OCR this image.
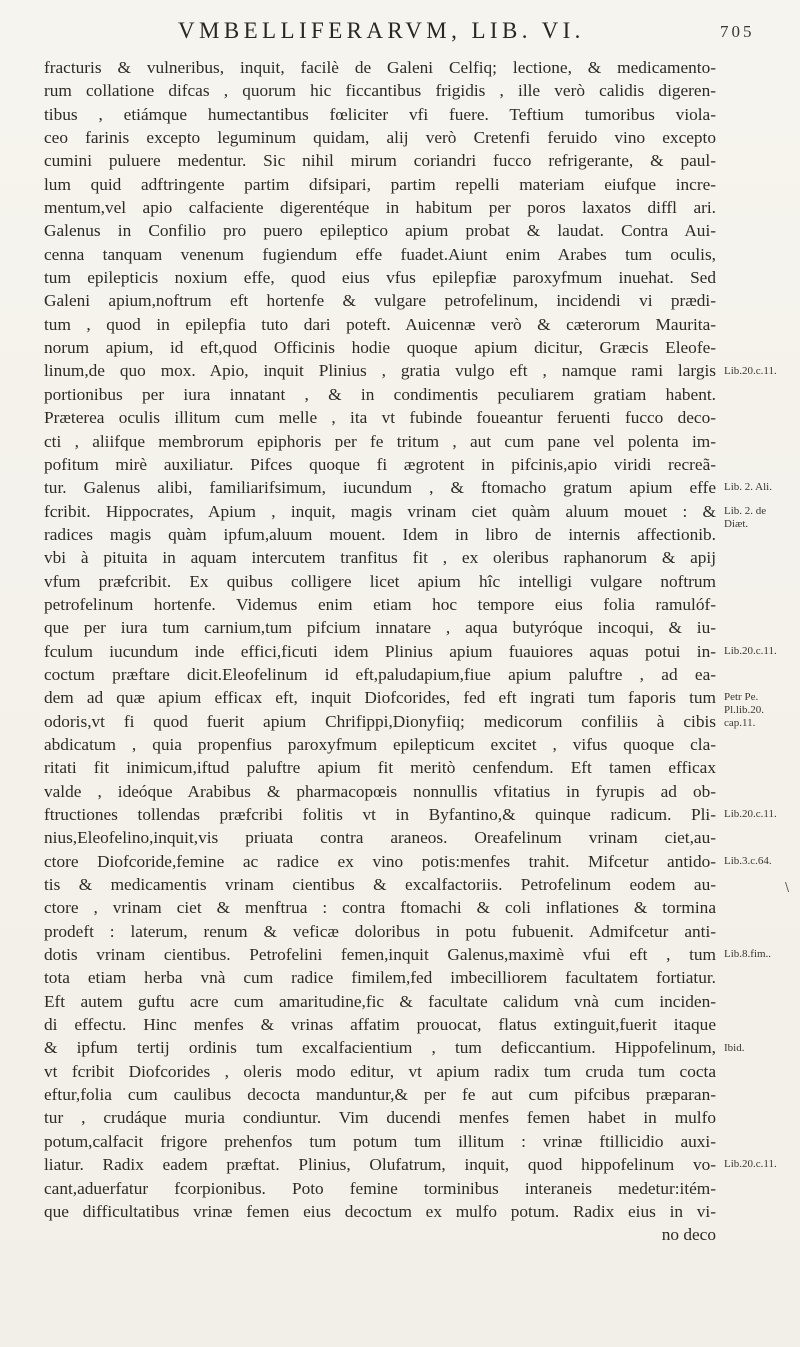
VMBELLIFERARVM, LIB. VI.	705
fracturis & vulneribus, inquit, facilè de Galeni Celfiq; lectione, & medicamento-
rum collatione difcas , quorum hic ficcantibus frigidis , ille verò calidis digeren-
tibus , etiámque humectantibus fœliciter vfi fuere. Teftium tumoribus viola-
ceo farinis excepto leguminum quidam, alij verò Cretenfi feruido vino excepto
cumini puluere medentur. Sic nihil mirum coriandri fucco refrigerante, & paul-
lum quid adftringente partim difsipari, partim repelli materiam eiufque incre-
mentum,vel apio calfaciente digerentéque in habitum per poros laxatos diffl ari.
Galenus in Confilio pro puero epileptico apium probat & laudat. Contra Aui-
cenna tanquam venenum fugiendum effe fuadet.Aiunt enim Arabes tum oculis,
tum epilepticis noxium effe, quod eius vfus epilepfiæ paroxyfmum inuehat. Sed
Galeni apium,noftrum eft hortenfe & vulgare petrofelinum, incidendi vi prædi-
tum , quod in epilepfia tuto dari poteft. Auicennæ verò & cæterorum Maurita-
norum apium, id eft,quod Officinis hodie quoque apium dicitur, Græcis Eleofe-
linum,de quo mox. Apio, inquit Plinius , gratia vulgo eft , namque rami largis
portionibus per iura innatant , & in condimentis peculiarem gratiam habent.
Præterea oculis illitum cum melle , ita vt fubinde foueantur feruenti fucco deco-
cti , aliifque membrorum epiphoris per fe tritum , aut cum pane vel polenta im-
pofitum mirè auxiliatur. Pifces quoque fi ægrotent in pifcinis,apio viridi recreã-
tur. Galenus alibi, familiarifsimum, iucundum , & ftomacho gratum apium effe
fcribit. Hippocrates, Apium , inquit, magis vrinam ciet quàm aluum mouet : &
radices magis quàm ipfum,aluum mouent. Idem in libro de internis affectionib.
vbi à pituita in aquam intercutem tranfitus fit , ex oleribus raphanorum & apij
vfum præfcribit. Ex quibus colligere licet apium hîc intelligi vulgare noftrum
petrofelinum hortenfe. Videmus enim etiam hoc tempore eius folia ramulóf-
que per iura tum carnium,tum pifcium innatare , aqua butyróque incoqui, & iu-
fculum iucundum inde effici,ficuti idem Plinius apium fuauiores aquas potui in-
coctum præftare dicit.Eleofelinum id eft,paludapium,fiue apium paluftre , ad ea-
dem ad quæ apium efficax eft, inquit Diofcorides, fed eft ingrati tum faporis tum
odoris,vt fi quod fuerit apium Chrifippi,Dionyfiiq; medicorum confiliis à cibis
abdicatum , quia propenfius paroxyfmum epilepticum excitet , vifus quoque cla-
ritati fit inimicum,iftud paluftre apium fit meritò cenfendum. Eft tamen efficax
valde , ideóque Arabibus & pharmacopœis nonnullis vfitatius in fyrupis ad ob-
ftructiones tollendas præfcribi folitis vt in Byfantino,& quinque radicum. Pli-
nius,Eleofelino,inquit,vis priuata contra araneos. Oreafelinum vrinam ciet,au-
ctore Diofcoride,femine ac radice ex vino potis:menfes trahit. Mifcetur antido-
tis & medicamentis vrinam cientibus & excalfactoriis. Petrofelinum eodem au-
ctore , vrinam ciet & menftrua : contra ftomachi & coli inflationes & tormina
prodeft : laterum, renum & veficæ doloribus in potu fubuenit. Admifcetur anti-
dotis vrinam cientibus. Petrofelini femen,inquit Galenus,maximè vfui eft , tum
tota etiam herba vnà cum radice fimilem,fed imbecilliorem facultatem fortiatur.
Eft autem guftu acre cum amaritudine,fic & facultate calidum vnà cum inciden-
di effectu. Hinc menfes & vrinas affatim prouocat, flatus extinguit,fuerit itaque
& ipfum tertij ordinis tum excalfacientium , tum deficcantium. Hippofelinum,
vt fcribit Diofcorides , oleris modo editur, vt apium radix tum cruda tum cocta
eftur,folia cum caulibus decocta manduntur,& per fe aut cum pifcibus præparan-
tur , crudáque muria condiuntur. Vim ducendi menfes femen habet in mulfo
potum,calfacit frigore prehenfos tum potum tum illitum : vrinæ ftillicidio auxi-
liatur. Radix eadem præftat. Plinius, Olufatrum, inquit, quod hippofelinum vo-
cant,aduerfatur fcorpionibus. Poto femine torminibus interaneis medetur:itém-
que difficultatibus vrinæ femen eius decoctum ex mulfo potum. Radix eius in vi-
no deco
Lib.20.c.11.
Lib. 2. Ali.
Lib. 2. de
Diæt.
Lib.20.c.11.
Petr Pe.
Pl.lib.20.
cap.11.
Lib.20.c.11.
Lib.3.c.64.
Lib.8.fim..
Ibid.
Lib.20.c.11.
\
